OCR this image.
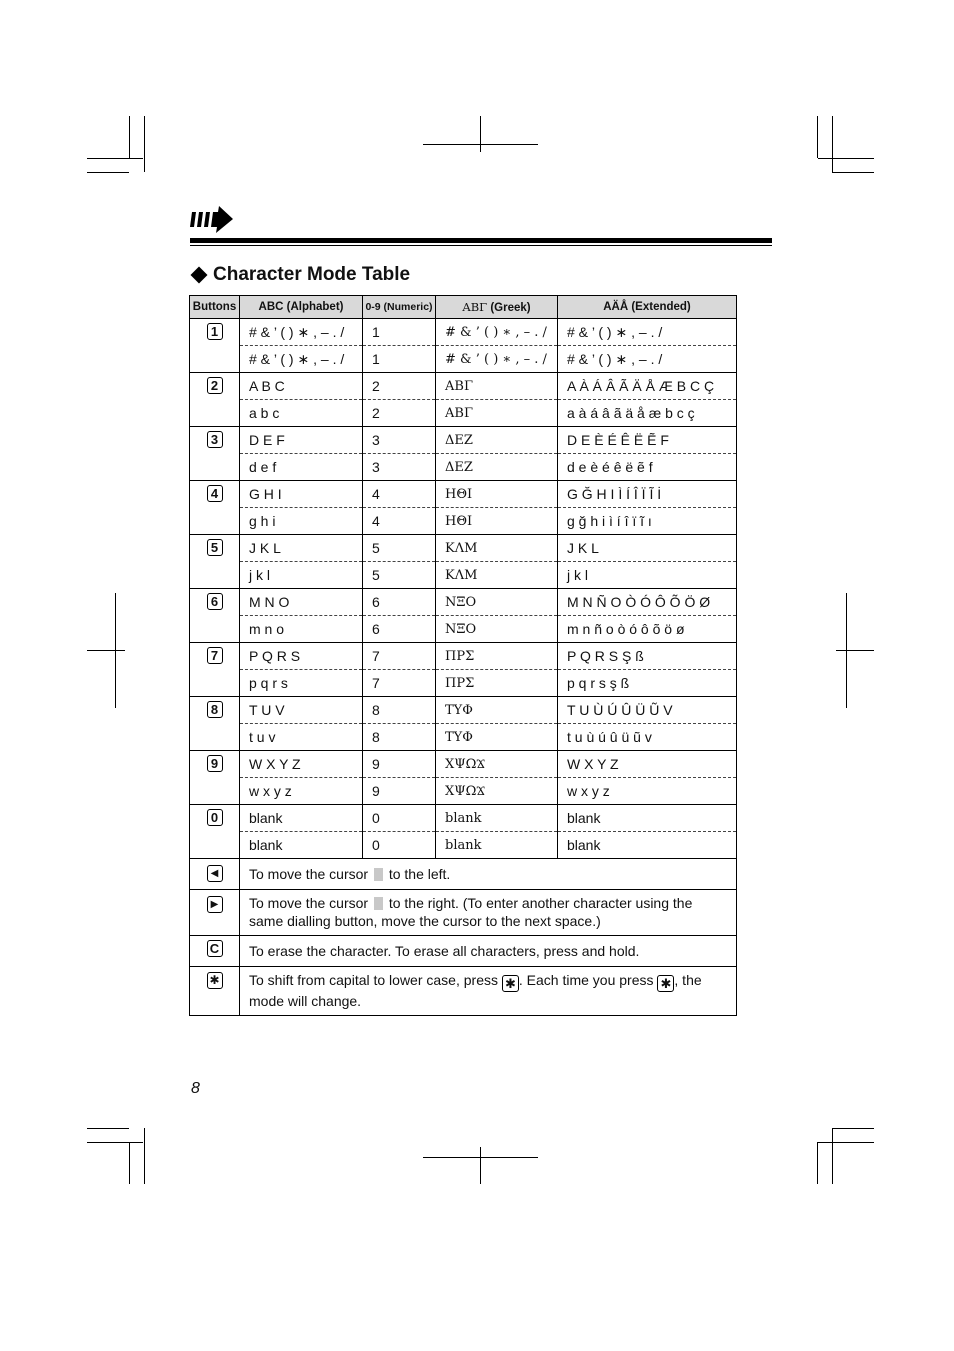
Character Mode Table
Buttons	ABC (Alphabet)	0-9 (Numeric)	ΑΒΓ (Greek)	AÄÅ (Extended)
1	# & ’ ( ) ∗ , – . /	1	# & ’ ( ) ∗ , – . /	# & ’ ( ) ∗ , – . /
	# & ’ ( ) ∗ , – . /	1	# & ’ ( ) ∗ , – . /	# & ’ ( ) ∗ , – . /
2	A B C	2	ΑΒΓ	A À Á Â Ã Ä Å Æ B C Ç
	a b c	2	ΑΒΓ	a à á â ã ä å æ b c ç
3	D E F	3	ΔΕΖ	D E È É Ê Ë Ẽ F
	d e f	3	ΔΕΖ	d e è é ê ë ẽ f
4	G H I	4	ΗΘΙ	G Ğ H I Ì Í Î Ï Ĩ İ
	g h i	4	ΗΘΙ	g ğ h i ì í î ï ĩ ı
5	J K L	5	ΚΛΜ	J K L
	j k l	5	ΚΛΜ	j k l
6	M N O	6	ΝΞΟ	M N Ñ O Ò Ó Ô Õ Ö Ø
	m n o	6	ΝΞΟ	m n ñ o ò ó ô õ ö ø
7	P Q R S	7	ΠΡΣ	P Q R S Ş ß
	p q r s	7	ΠΡΣ	p q r s ş ß
8	T U V	8	ΤΥΦ	T U Ù Ú Û Ü Ũ V
	t u v	8	ΤΥΦ	t u ù ú û ü ũ v
9	W X Y Z	9	ΧΨΩϪ	W X Y Z
	w x y z	9	ΧΨΩϪ	w x y z
0	blank	0	blank	blank
	blank	0	blank	blank
◀	To move the cursor to the left.			
▶	To move the cursor to the right. (To enter another character using the same dialling button, move the cursor to the next space.)			
C	To erase the character. To erase all characters, press and hold.			
✱	To shift from capital to lower case, press ✱ . Each time you press ✱ , the mode will change.			
8
